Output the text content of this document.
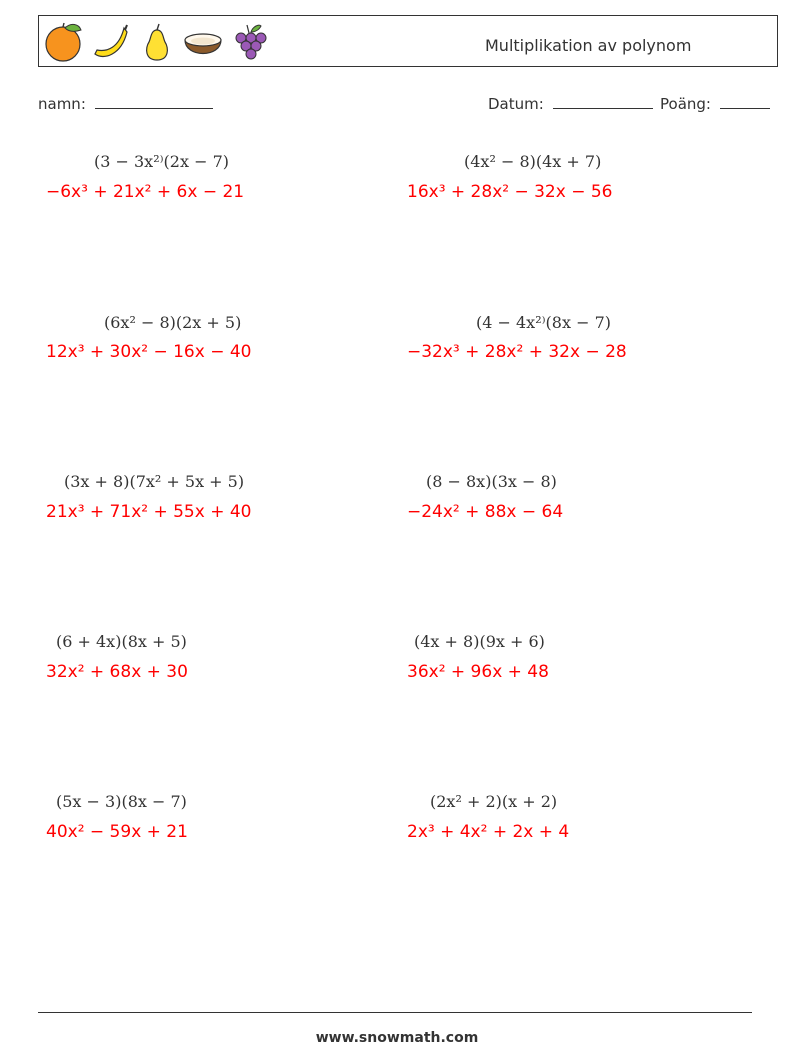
Multiplikation av polynom
namn:	Datum:	Poäng:
(3 − 3x²⁾(2x − 7)
−6x³ + 21x² + 6x − 21
(4x² − 8)(4x + 7)
16x³ + 28x² − 32x − 56
(6x² − 8)(2x + 5)
12x³ + 30x² − 16x − 40
(4 − 4x²⁾(8x − 7)
−32x³ + 28x² + 32x − 28
(3x + 8)(7x² + 5x + 5)
21x³ + 71x² + 55x + 40
(8 − 8x)(3x − 8)
−24x² + 88x − 64
(6 + 4x)(8x + 5)
32x² + 68x + 30
(4x + 8)(9x + 6)
36x² + 96x + 48
(5x − 3)(8x − 7)
40x² − 59x + 21
(2x² + 2)(x + 2)
2x³ + 4x² + 2x + 4
www.snowmath.com
